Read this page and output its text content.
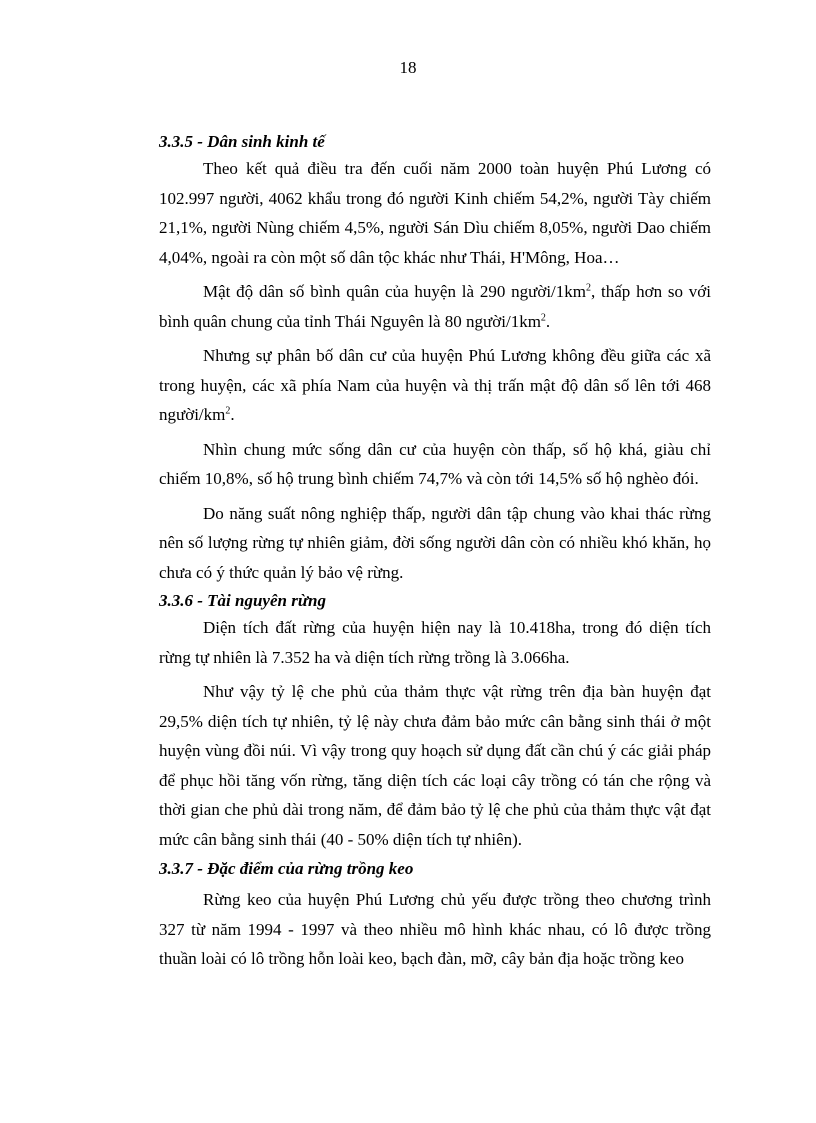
18

3.3.5 - Dân sinh kinh tế

Theo kết quả điều tra đến cuối năm 2000 toàn huyện Phú Lương có 102.997 người, 4062 khẩu trong đó người Kinh chiếm 54,2%, người Tày chiếm 21,1%, người Nùng chiếm 4,5%, người Sán Dìu chiếm 8,05%, người Dao chiếm 4,04%, ngoài ra còn một số dân tộc khác như Thái, H'Mông, Hoa…

Mật độ dân số bình quân của huyện là 290 người/$1km^2$, thấp hơn so với bình quân chung của tỉnh Thái Nguyên là 80 người/$1km^2$.

Nhưng sự phân bố dân cư của huyện Phú Lương không đều giữa các xã trong huyện, các xã phía Nam của huyện và thị trấn mật độ dân số lên tới 468 người/$km^2$.

Nhìn chung mức sống dân cư của huyện còn thấp, số hộ khá, giàu chỉ chiếm 10,8%, số hộ trung bình chiếm 74,7% và còn tới 14,5% số hộ nghèo đói.

Do năng suất nông nghiệp thấp, người dân tập chung vào khai thác rừng nên số lượng rừng tự nhiên giảm, đời sống người dân còn có nhiều khó khăn, họ chưa có ý thức quản lý bảo vệ rừng.

3.3.6 - Tài nguyên rừng

Diện tích đất rừng của huyện hiện nay là 10.418ha, trong đó diện tích rừng tự nhiên là 7.352 ha và diện tích rừng trồng là 3.066ha.

Như vậy tỷ lệ che phủ của thảm thực vật rừng trên địa bàn huyện đạt 29,5% diện tích tự nhiên, tỷ lệ này chưa đảm bảo mức cân bằng sinh thái ở một huyện vùng đồi núi. Vì vậy trong quy hoạch sử dụng đất cần chú ý các giải pháp để phục hồi tăng vốn rừng, tăng diện tích các loại cây trồng có tán che rộng và thời gian che phủ dài trong năm, để đảm bảo tỷ lệ che phủ của thảm thực vật đạt mức cân bằng sinh thái (40 - 50% diện tích tự nhiên).

3.3.7 - Đặc điểm của rừng trồng keo

Rừng keo của huyện Phú Lương chủ yếu được trồng theo chương trình 327 từ năm 1994 - 1997 và theo nhiều mô hình khác nhau, có lô được trồng thuần loài có lô trồng hỗn loài keo, bạch đàn, mỡ, cây bản địa hoặc trồng keo
